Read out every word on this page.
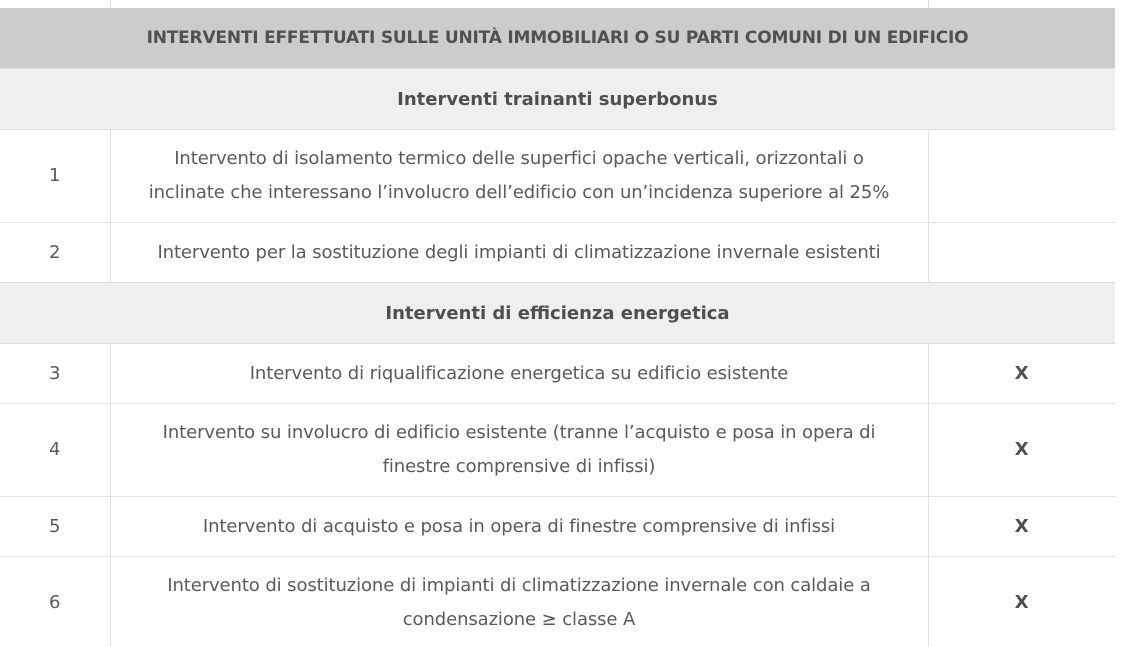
INTERVENTI EFFETTUATI SULLE UNITÀ IMMOBILIARI O SU PARTI COMUNI DI UN EDIFICIO		
Interventi trainanti superbonus		
1	Intervento di isolamento termico delle superfici opache verticali, orizzontali o
inclinate che interessano l’involucro dell’edificio con un’incidenza superiore al 25%	
2	Intervento per la sostituzione degli impianti di climatizzazione invernale esistenti	
Interventi di efficienza energetica		
3	Intervento di riqualificazione energetica su edificio esistente	X
4	Intervento su involucro di edificio esistente (tranne l’acquisto e posa in opera di
finestre comprensive di infissi)	X
5	Intervento di acquisto e posa in opera di finestre comprensive di infissi	X
6	Intervento di sostituzione di impianti di climatizzazione invernale con caldaie a
condensazione ≥ classe A	X
